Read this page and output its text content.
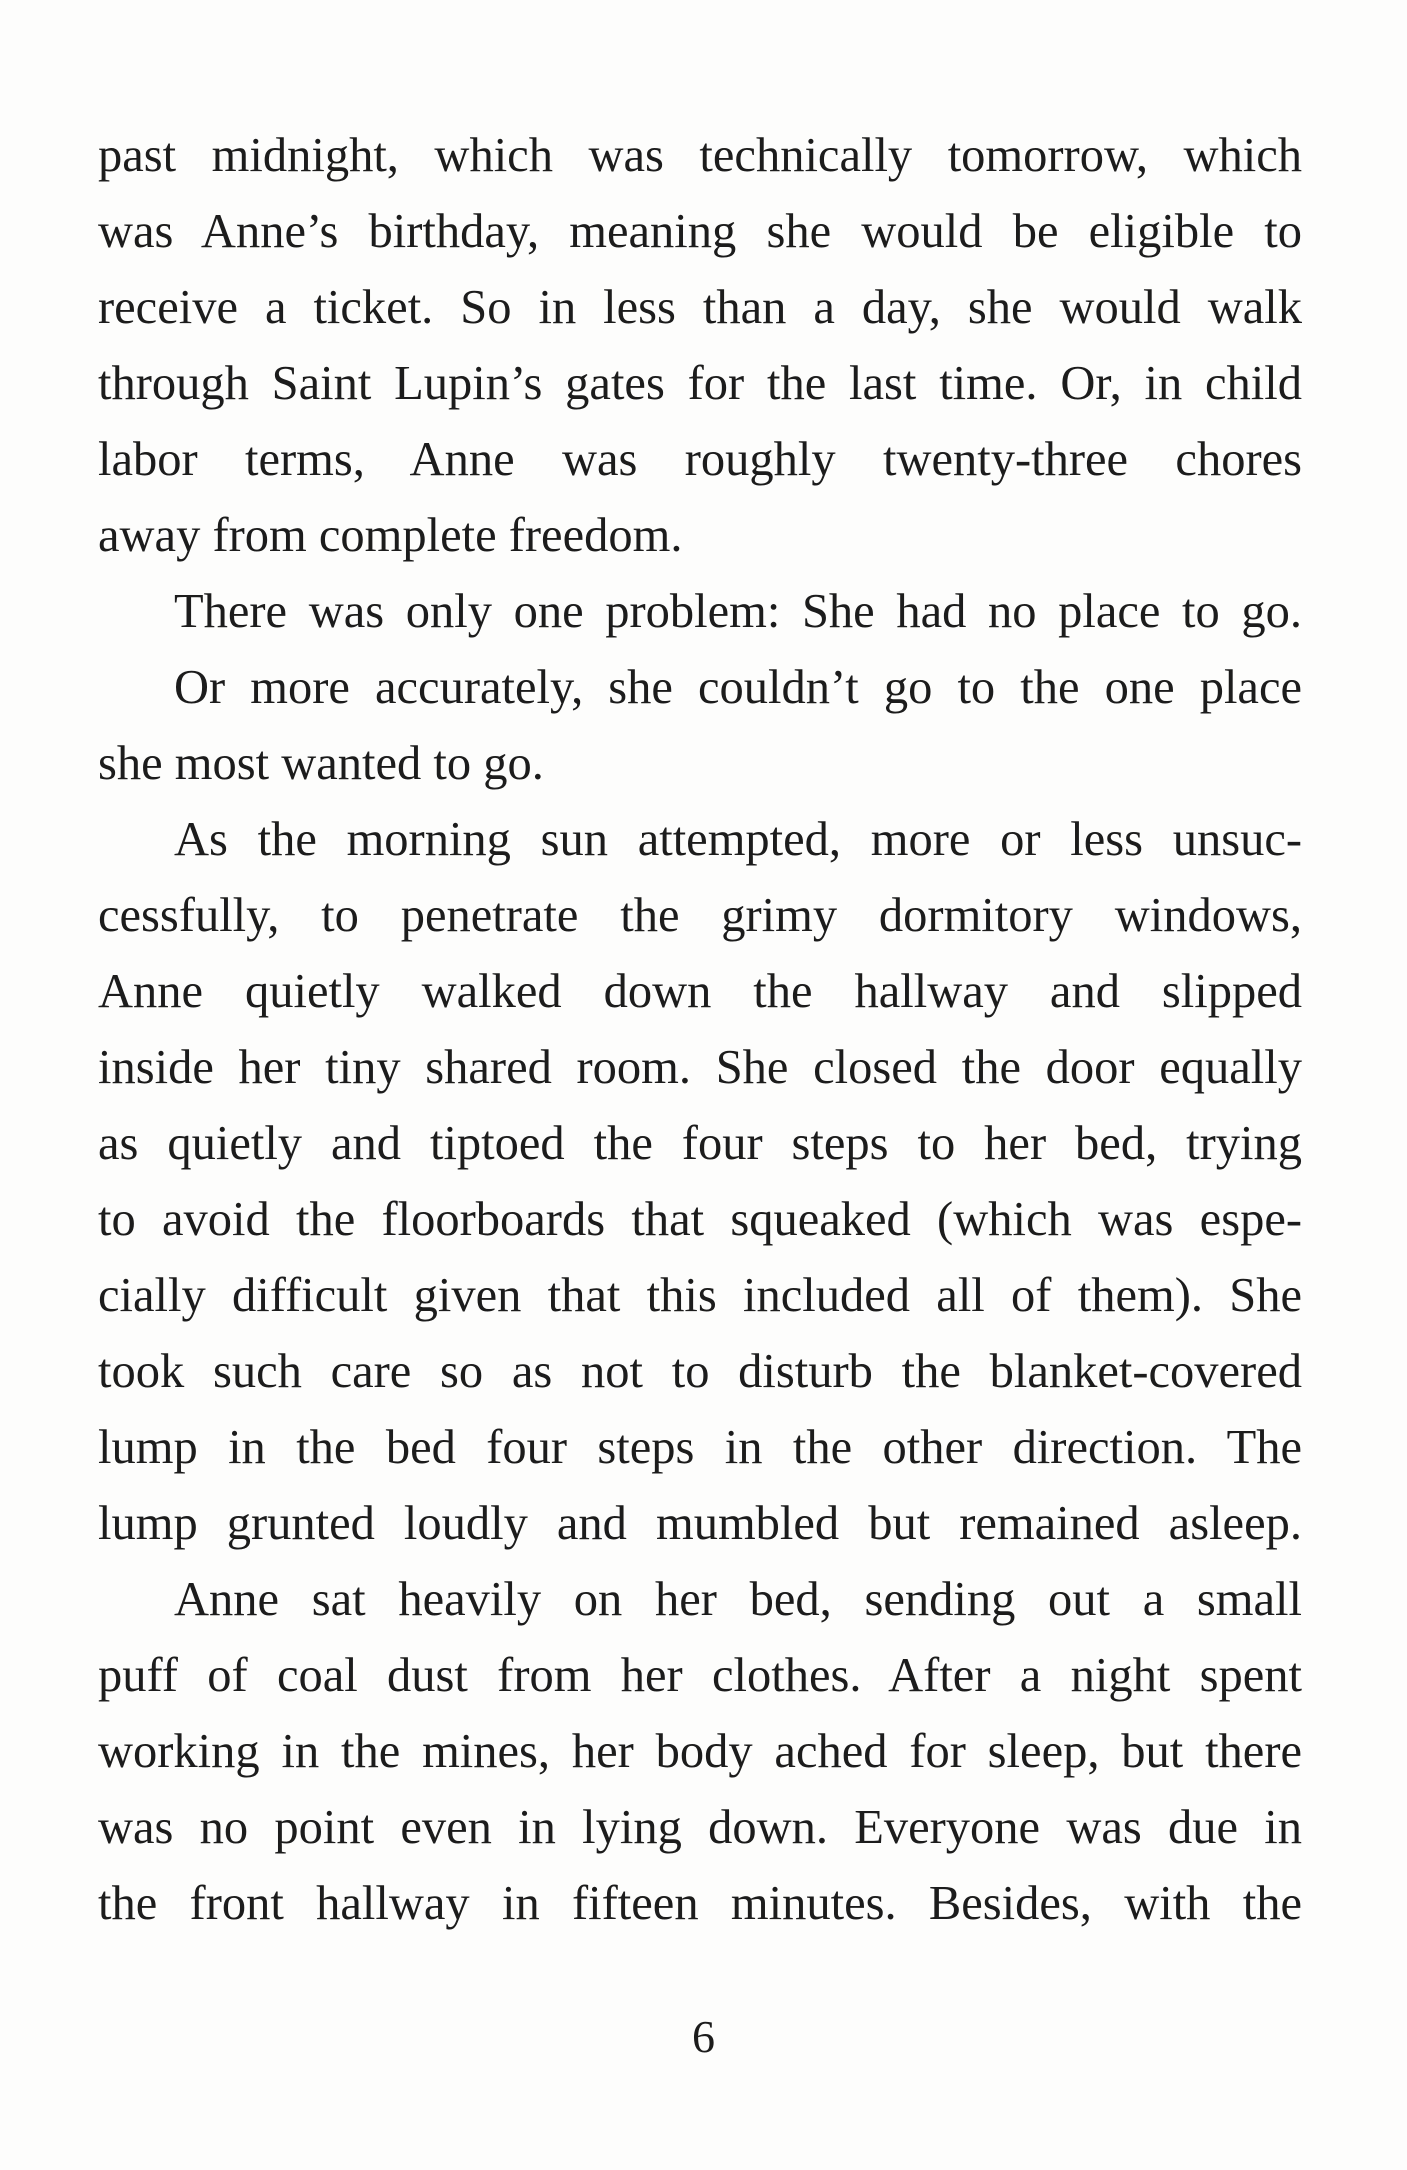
past midnight, which was technically tomorrow, which
was Anne’s birthday, meaning she would be eligible to
receive a ticket. So in less than a day, she would walk
through Saint Lupin’s gates for the last time. Or, in child
labor terms, Anne was roughly twenty-three chores
away from complete freedom.
There was only one problem: She had no place to go.
Or more accurately, she couldn’t go to the one place
she most wanted to go.
As the morning sun attempted, more or less unsuc-
cessfully, to penetrate the grimy dormitory windows,
Anne quietly walked down the hallway and slipped
inside her tiny shared room. She closed the door equally
as quietly and tiptoed the four steps to her bed, trying
to avoid the floorboards that squeaked (which was espe-
cially difficult given that this included all of them). She
took such care so as not to disturb the blanket-covered
lump in the bed four steps in the other direction. The
lump grunted loudly and mumbled but remained asleep.
Anne sat heavily on her bed, sending out a small
puff of coal dust from her clothes. After a night spent
working in the mines, her body ached for sleep, but there
was no point even in lying down. Everyone was due in
the front hallway in fifteen minutes. Besides, with the
6
